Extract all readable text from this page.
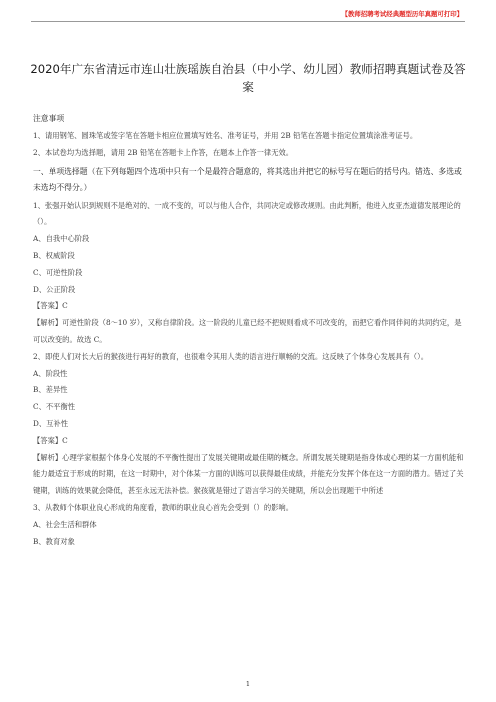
【教师招聘考试经典题型历年真题可打印】
2020年广东省清远市连山壮族瑶族自治县（中小学、幼儿园）教师招聘真题试卷及答案
注意事项
1、请用钢笔、圆珠笔或签字笔在答题卡相应位置填写姓名、准考证号，并用 2B 铅笔在答题卡指定位置填涂准考证号。
2、本试卷均为选择题，请用 2B 铅笔在答题卡上作答，在题本上作答一律无效。
一、单项选择题（在下列每题四个选项中只有一个是最符合题意的，将其选出并把它的标号写在题后的括号内。错选、多选或未选均不得分。）
1、张强开始认识到规则不是绝对的、一成不变的，可以与他人合作，共同决定或修改规则。由此判断，他进入皮亚杰道德发展理论的（）。
A、自我中心阶段
B、权威阶段
C、可逆性阶段
D、公正阶段
【答案】C
【解析】可逆性阶段（8～10 岁），又称自律阶段。这一阶段的儿童已经不把规则看成不可改变的，而把它看作同伴间的共同约定，是可以改变的。故选 C。
2、即使人们对长大后的猴孩进行再好的教育，也很难令其用人类的语言进行顺畅的交流。这反映了个体身心发展具有（）。
A、阶段性
B、差异性
C、不平衡性
D、互补性
【答案】C
【解析】心理学家根据个体身心发展的不平衡性提出了发展关键期或最佳期的概念。所谓发展关键期是指身体或心理的某一方面机能和能力最适宜于形成的时期，在这一时期中，对个体某一方面的训练可以获得最佳成绩，并能充分发挥个体在这一方面的潜力。错过了关键期，训练的效果就会降低，甚至永远无法补偿。猴孩就是错过了语言学习的关键期，所以会出现题干中所述
3、从教师个体职业良心形成的角度看，教师的职业良心首先会受到（）的影响。
A、社会生活和群体
B、教育对象
1
